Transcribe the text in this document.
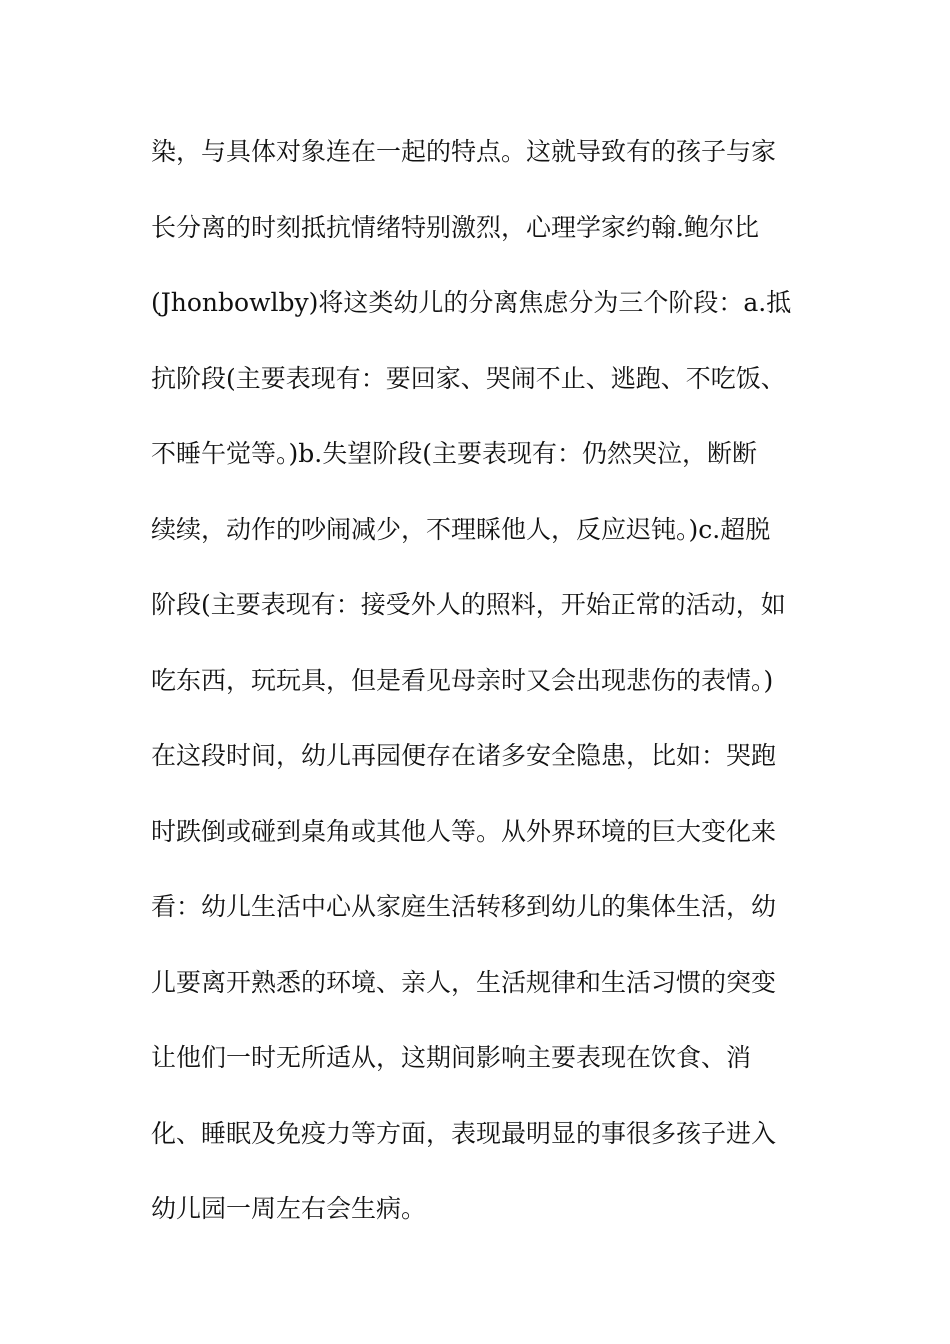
染，与具体对象连在一起的特点。这就导致有的孩子与家
长分离的时刻抵抗情绪特别激烈，心理学家约翰.鲍尔比
(Jhonbowlby)将这类幼儿的分离焦虑分为三个阶段：a.抵
抗阶段(主要表现有：要回家、哭闹不止、逃跑、不吃饭、
不睡午觉等。)b.失望阶段(主要表现有：仍然哭泣，断断
续续，动作的吵闹减少，不理睬他人，反应迟钝。)c.超脱
阶段(主要表现有：接受外人的照料，开始正常的活动，如
吃东西，玩玩具，但是看见母亲时又会出现悲伤的表情。)
在这段时间，幼儿再园便存在诸多安全隐患，比如：哭跑
时跌倒或碰到桌角或其他人等。从外界环境的巨大变化来
看：幼儿生活中心从家庭生活转移到幼儿的集体生活，幼
儿要离开熟悉的环境、亲人，生活规律和生活习惯的突变
让他们一时无所适从，这期间影响主要表现在饮食、消
化、睡眠及免疫力等方面，表现最明显的事很多孩子进入
幼儿园一周左右会生病。
